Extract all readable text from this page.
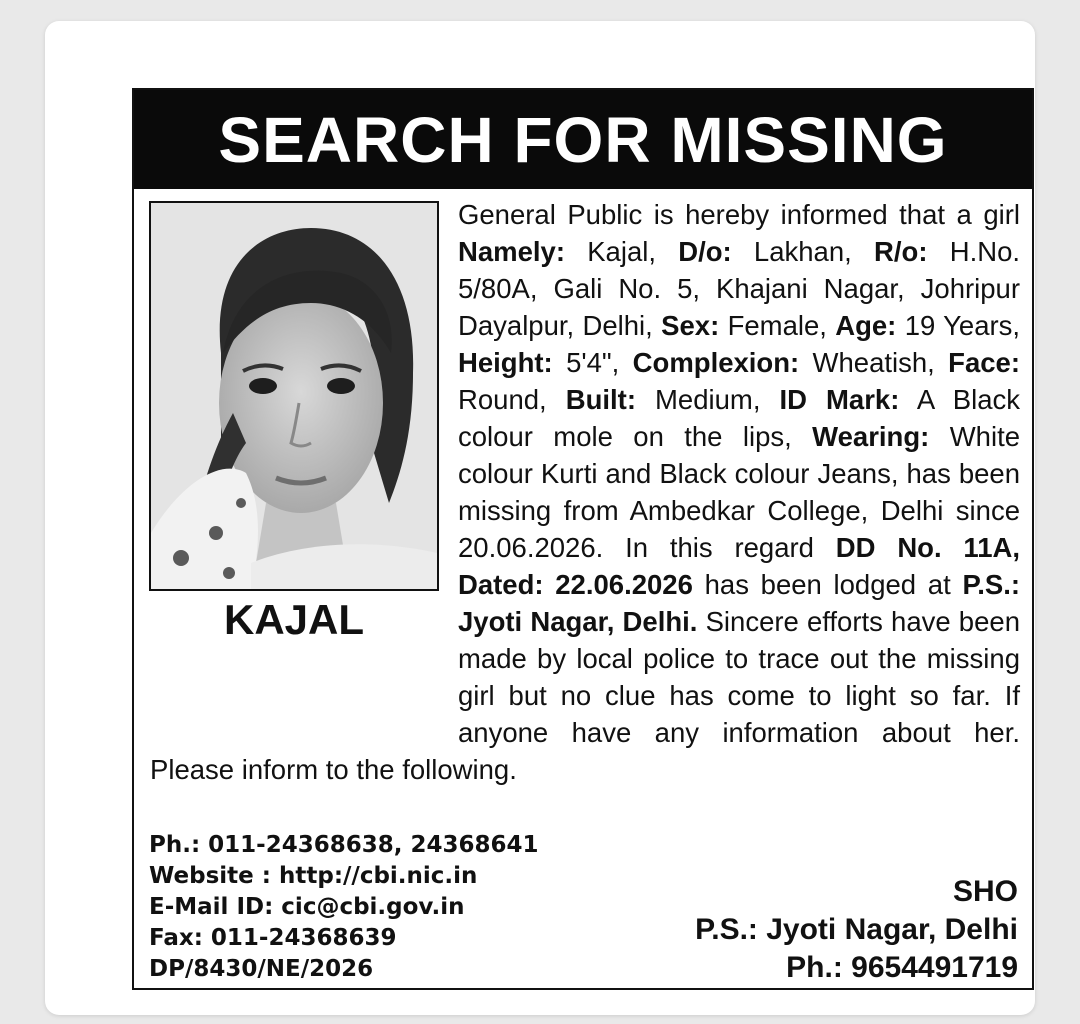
SEARCH FOR MISSING
KAJAL
General Public is hereby informed that a girl Namely: Kajal, D/o: Lakhan, R/o: H.No. 5/80A, Gali No. 5, Khajani Nagar, Johripur Dayalpur, Delhi, Sex: Female, Age: 19 Years, Height: 5'4", Complexion: Wheatish, Face: Round, Built: Medium, ID Mark: A Black colour mole on the lips, Wearing: White colour Kurti and Black colour Jeans, has been missing from Ambedkar College, Delhi since 20.06.2026. In this regard DD No. 11A, Dated: 22.06.2026 has been lodged at P.S.: Jyoti Nagar, Delhi. Sincere efforts have been made by local police to trace out the missing girl but no clue has come to light so far. If anyone have any information about her. Please inform to the following.
Ph.: 011-24368638, 24368641
Website : http://cbi.nic.in
E-Mail ID: cic@cbi.gov.in
Fax: 011-24368639
DP/8430/NE/2026
SHO
P.S.: Jyoti Nagar, Delhi
Ph.: 9654491719
